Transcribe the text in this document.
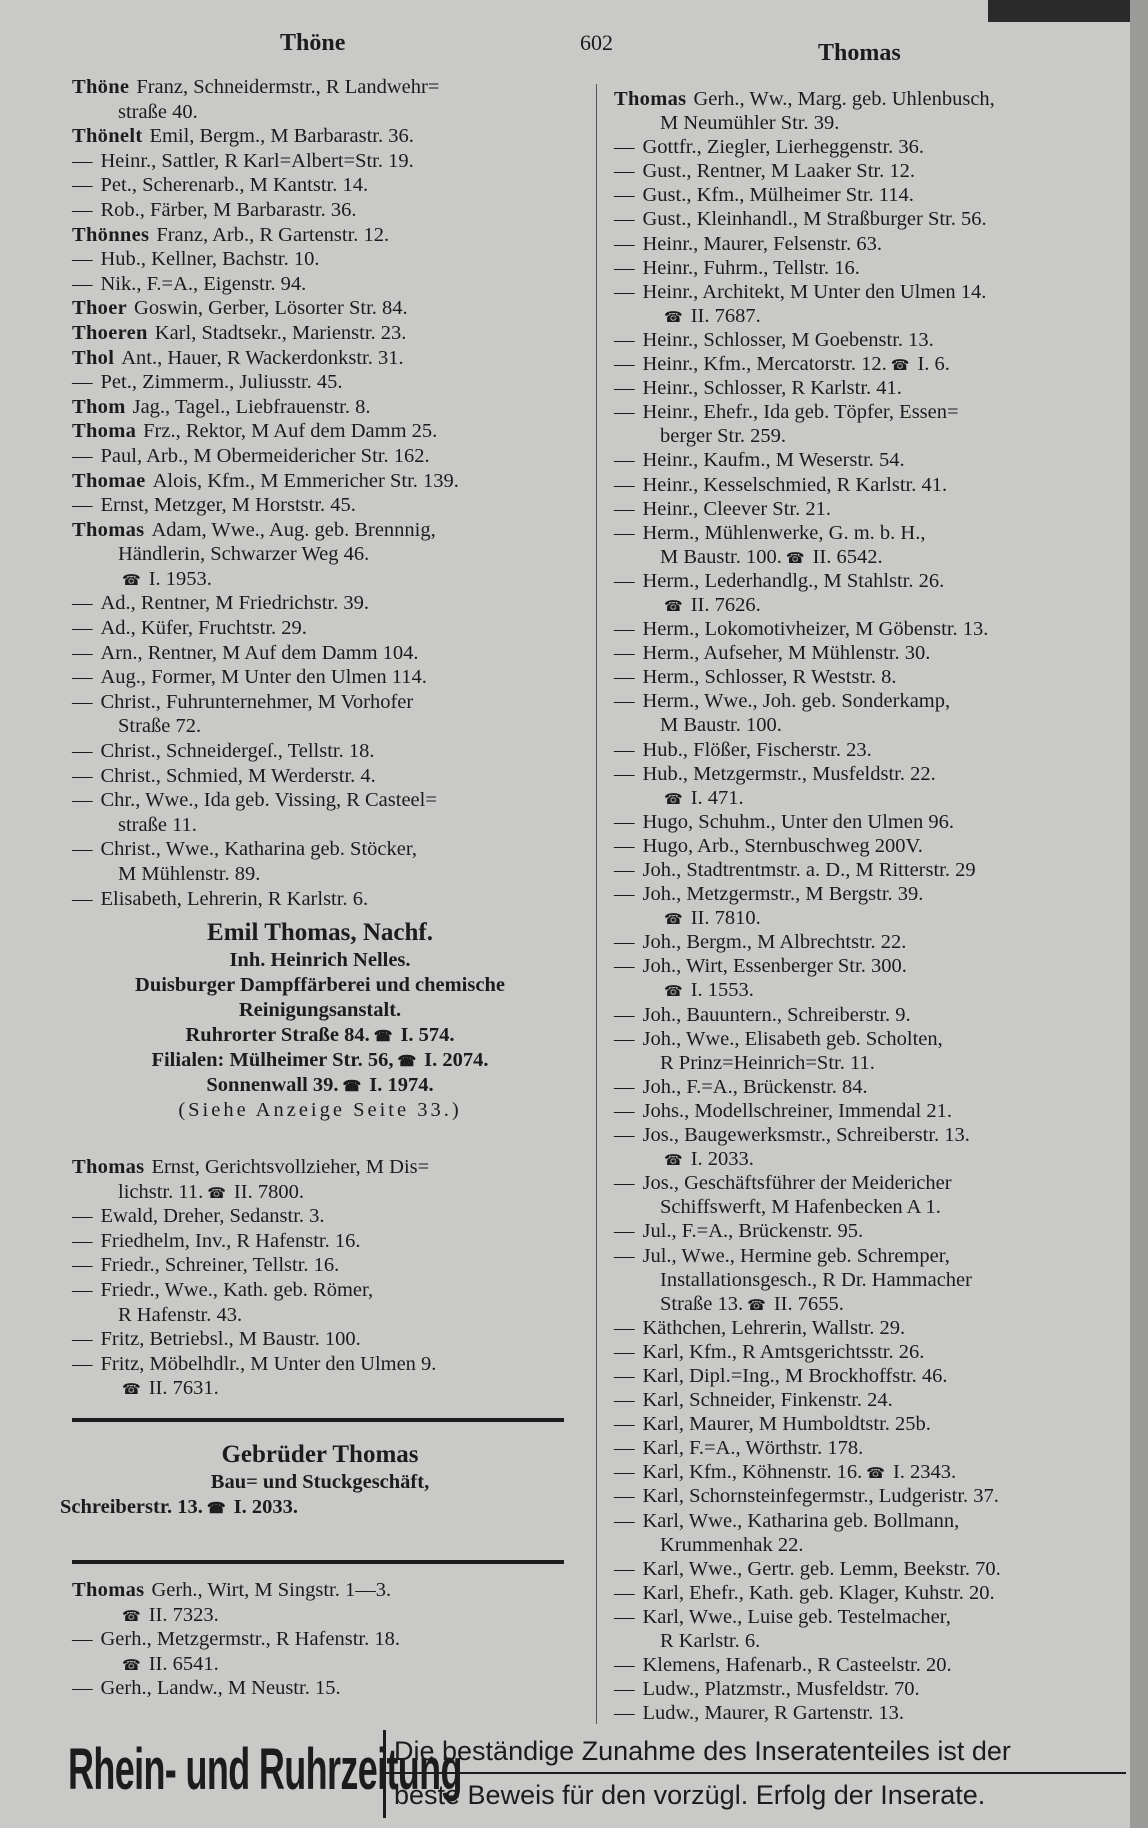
Thöne	602	Thomas
Thöne Franz, Schneidermstr., R Landwehr=
straße 40.
Thönelt Emil, Bergm., M Barbarastr. 36.
— Heinr., Sattler, R Karl=Albert=Str. 19.
— Pet., Scherenarb., M Kantstr. 14.
— Rob., Färber, M Barbarastr. 36.
Thönnes Franz, Arb., R Gartenstr. 12.
— Hub., Kellner, Bachstr. 10.
— Nik., F.=A., Eigenstr. 94.
Thoer Goswin, Gerber, Lösorter Str. 84.
Thoeren Karl, Stadtsekr., Marienstr. 23.
Thol Ant., Hauer, R Wackerdonkstr. 31.
— Pet., Zimmerm., Juliusstr. 45.
Thom Jag., Tagel., Liebfrauenstr. 8.
Thoma Frz., Rektor, M Auf dem Damm 25.
— Paul, Arb., M Obermeidericher Str. 162.
Thomae Alois, Kfm., M Emmericher Str. 139.
— Ernst, Metzger, M Horststr. 45.
Thomas Adam, Wwe., Aug. geb. Brennnig,
Händlerin, Schwarzer Weg 46.
☎ I. 1953.
— Ad., Rentner, M Friedrichstr. 39.
— Ad., Küfer, Fruchtstr. 29.
— Arn., Rentner, M Auf dem Damm 104.
— Aug., Former, M Unter den Ulmen 114.
— Christ., Fuhrunternehmer, M Vorhofer
Straße 72.
— Christ., Schneidergeſ., Tellstr. 18.
— Christ., Schmied, M Werderstr. 4.
— Chr., Wwe., Ida geb. Vissing, R Casteel=
straße 11.
— Christ., Wwe., Katharina geb. Stöcker,
M Mühlenstr. 89.
— Elisabeth, Lehrerin, R Karlstr. 6.
Emil Thomas, Nachf.
Inh. Heinrich Nelles.
Duisburger Dampffärberei und chemische
Reinigungsanstalt.
Ruhrorter Straße 84. ☎ I. 574.
Filialen: Mülheimer Str. 56, ☎ I. 2074.
Sonnenwall 39. ☎ I. 1974.
(Siehe Anzeige Seite 33.)
Thomas Ernst, Gerichtsvollzieher, M Dis=
lichstr. 11. ☎ II. 7800.
— Ewald, Dreher, Sedanstr. 3.
— Friedhelm, Inv., R Hafenstr. 16.
— Friedr., Schreiner, Tellstr. 16.
— Friedr., Wwe., Kath. geb. Römer,
R Hafenstr. 43.
— Fritz, Betriebsl., M Baustr. 100.
— Fritz, Möbelhdlr., M Unter den Ulmen 9.
☎ II. 7631.
Gebrüder Thomas
Bau= und Stuckgeschäft,
Schreiberstr. 13. ☎ I. 2033.
Thomas Gerh., Wirt, M Singstr. 1—3.
☎ II. 7323.
— Gerh., Metzgermstr., R Hafenstr. 18.
☎ II. 6541.
— Gerh., Landw., M Neustr. 15.
Thomas Gerh., Ww., Marg. geb. Uhlenbusch,
M Neumühler Str. 39.
— Gottfr., Ziegler, Lierheggenstr. 36.
— Gust., Rentner, M Laaker Str. 12.
— Gust., Kfm., Mülheimer Str. 114.
— Gust., Kleinhandl., M Straßburger Str. 56.
— Heinr., Maurer, Felsenstr. 63.
— Heinr., Fuhrm., Tellstr. 16.
— Heinr., Architekt, M Unter den Ulmen 14.
☎ II. 7687.
— Heinr., Schlosser, M Goebenstr. 13.
— Heinr., Kfm., Mercatorstr. 12. ☎ I. 6.
— Heinr., Schlosser, R Karlstr. 41.
— Heinr., Ehefr., Ida geb. Töpfer, Essen=
berger Str. 259.
— Heinr., Kaufm., M Weserstr. 54.
— Heinr., Kesselschmied, R Karlstr. 41.
— Heinr., Cleever Str. 21.
— Herm., Mühlenwerke, G. m. b. H.,
M Baustr. 100. ☎ II. 6542.
— Herm., Lederhandlg., M Stahlstr. 26.
☎ II. 7626.
— Herm., Lokomotivheizer, M Göbenstr. 13.
— Herm., Aufseher, M Mühlenstr. 30.
— Herm., Schlosser, R Weststr. 8.
— Herm., Wwe., Joh. geb. Sonderkamp,
M Baustr. 100.
— Hub., Flößer, Fischerstr. 23.
— Hub., Metzgermstr., Musfeldstr. 22.
☎ I. 471.
— Hugo, Schuhm., Unter den Ulmen 96.
— Hugo, Arb., Sternbuschweg 200V.
— Joh., Stadtrentmstr. a. D., M Ritterstr. 29
— Joh., Metzgermstr., M Bergstr. 39.
☎ II. 7810.
— Joh., Bergm., M Albrechtstr. 22.
— Joh., Wirt, Essenberger Str. 300.
☎ I. 1553.
— Joh., Bauuntern., Schreiberstr. 9.
— Joh., Wwe., Elisabeth geb. Scholten,
R Prinz=Heinrich=Str. 11.
— Joh., F.=A., Brückenstr. 84.
— Johs., Modellschreiner, Immendal 21.
— Jos., Baugewerksmstr., Schreiberstr. 13.
☎ I. 2033.
— Jos., Geschäftsführer der Meidericher
Schiffswerft, M Hafenbecken A 1.
— Jul., F.=A., Brückenstr. 95.
— Jul., Wwe., Hermine geb. Schremper,
Installationsgesch., R Dr. Hammacher
Straße 13. ☎ II. 7655.
— Käthchen, Lehrerin, Wallstr. 29.
— Karl, Kfm., R Amtsgerichtsstr. 26.
— Karl, Dipl.=Ing., M Brockhoffstr. 46.
— Karl, Schneider, Finkenstr. 24.
— Karl, Maurer, M Humboldtstr. 25b.
— Karl, F.=A., Wörthstr. 178.
— Karl, Kfm., Köhnenstr. 16. ☎ I. 2343.
— Karl, Schornsteinfegermstr., Ludgeristr. 37.
— Karl, Wwe., Katharina geb. Bollmann,
Krummenhak 22.
— Karl, Wwe., Gertr. geb. Lemm, Beekstr. 70.
— Karl, Ehefr., Kath. geb. Klager, Kuhstr. 20.
— Karl, Wwe., Luise geb. Testelmacher,
R Karlstr. 6.
— Klemens, Hafenarb., R Casteelstr. 20.
— Ludw., Platzmstr., Musfeldstr. 70.
— Ludw., Maurer, R Gartenstr. 13.
Rhein- und Ruhrzeitung
Die beständige Zunahme des Inseratenteiles ist der
beste Beweis für den vorzügl. Erfolg der Inserate.
